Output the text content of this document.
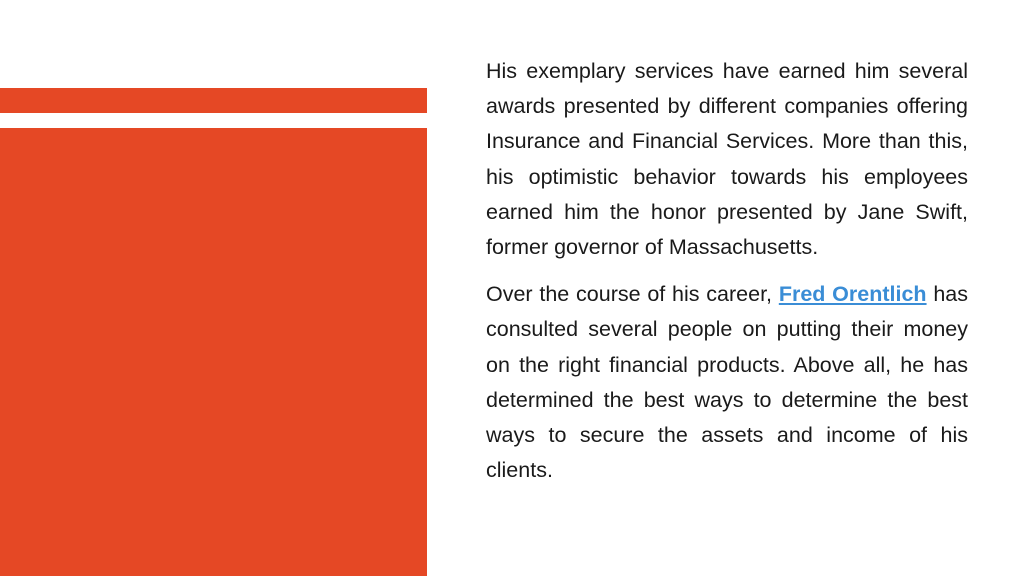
His exemplary services have earned him several awards presented by different companies offering Insurance and Financial Services. More than this, his optimistic behavior towards his employees earned him the honor presented by Jane Swift, former governor of Massachusetts.

Over the course of his career, Fred Orentlich has consulted several people on putting their money on the right financial products. Above all, he has determined the best ways to determine the best ways to secure the assets and income of his clients.
